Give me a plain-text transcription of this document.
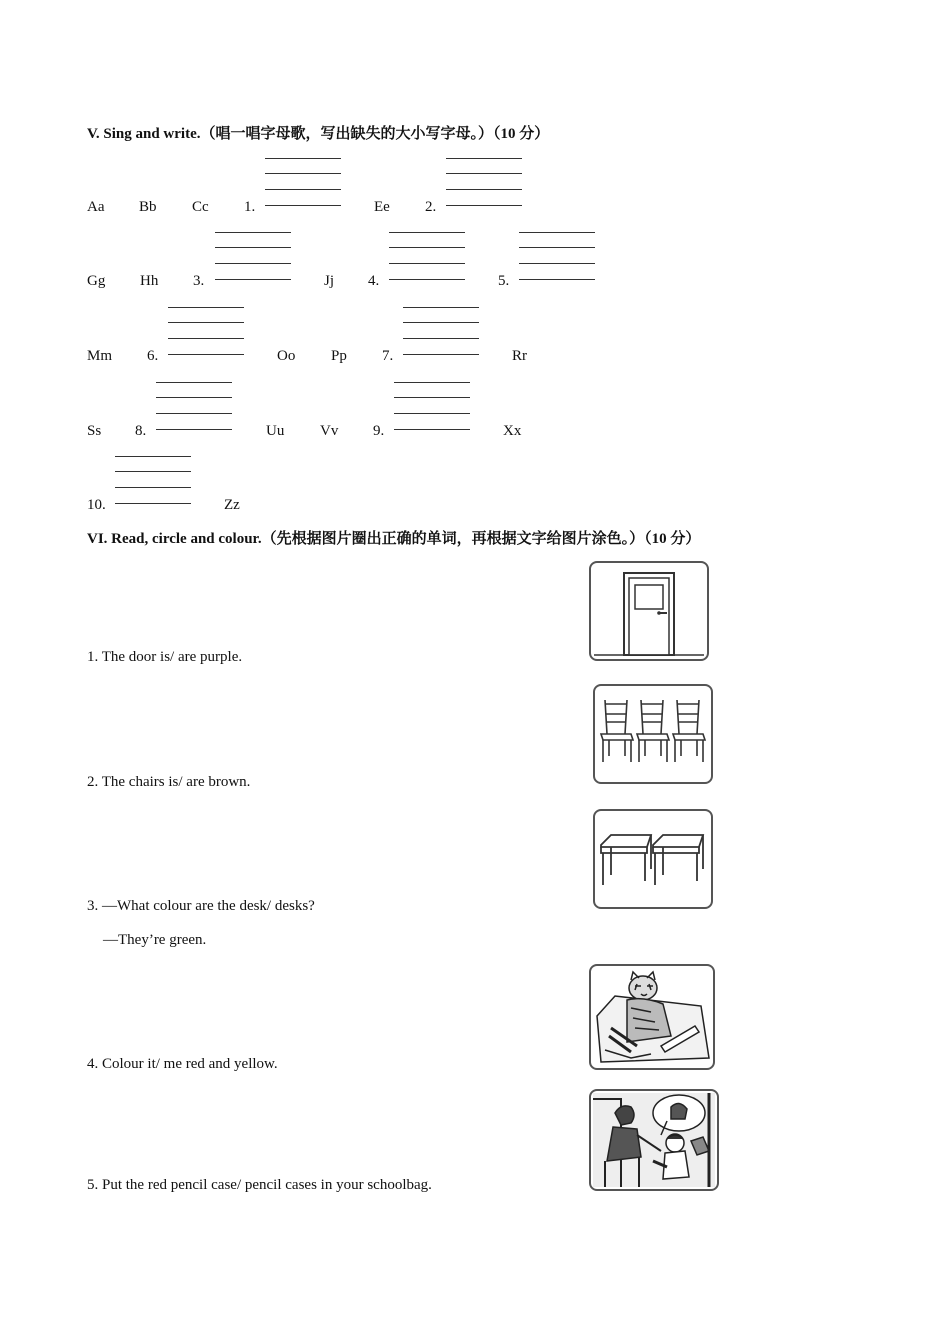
V. Sing and write.（唱一唱字母歌，写出缺失的大小写字母。）（10 分）
Aa Bb Cc 1.	Ee 2.
Gg Hh 3.	Jj 4.	5.
Mm 6.	Oo Pp 7.	Rr
Ss 8.	Uu Vv 9.	Xx
10.	Zz
VI. Read, circle and colour.（先根据图片圈出正确的单词，再根据文字给图片涂色。）（10 分）
1. The door is/ are purple.
2. The chairs is/ are brown.
3. —What colour are the desk/ desks?
—They’re green.
4. Colour it/ me red and yellow.
5. Put the red pencil case/ pencil cases in your schoolbag.
